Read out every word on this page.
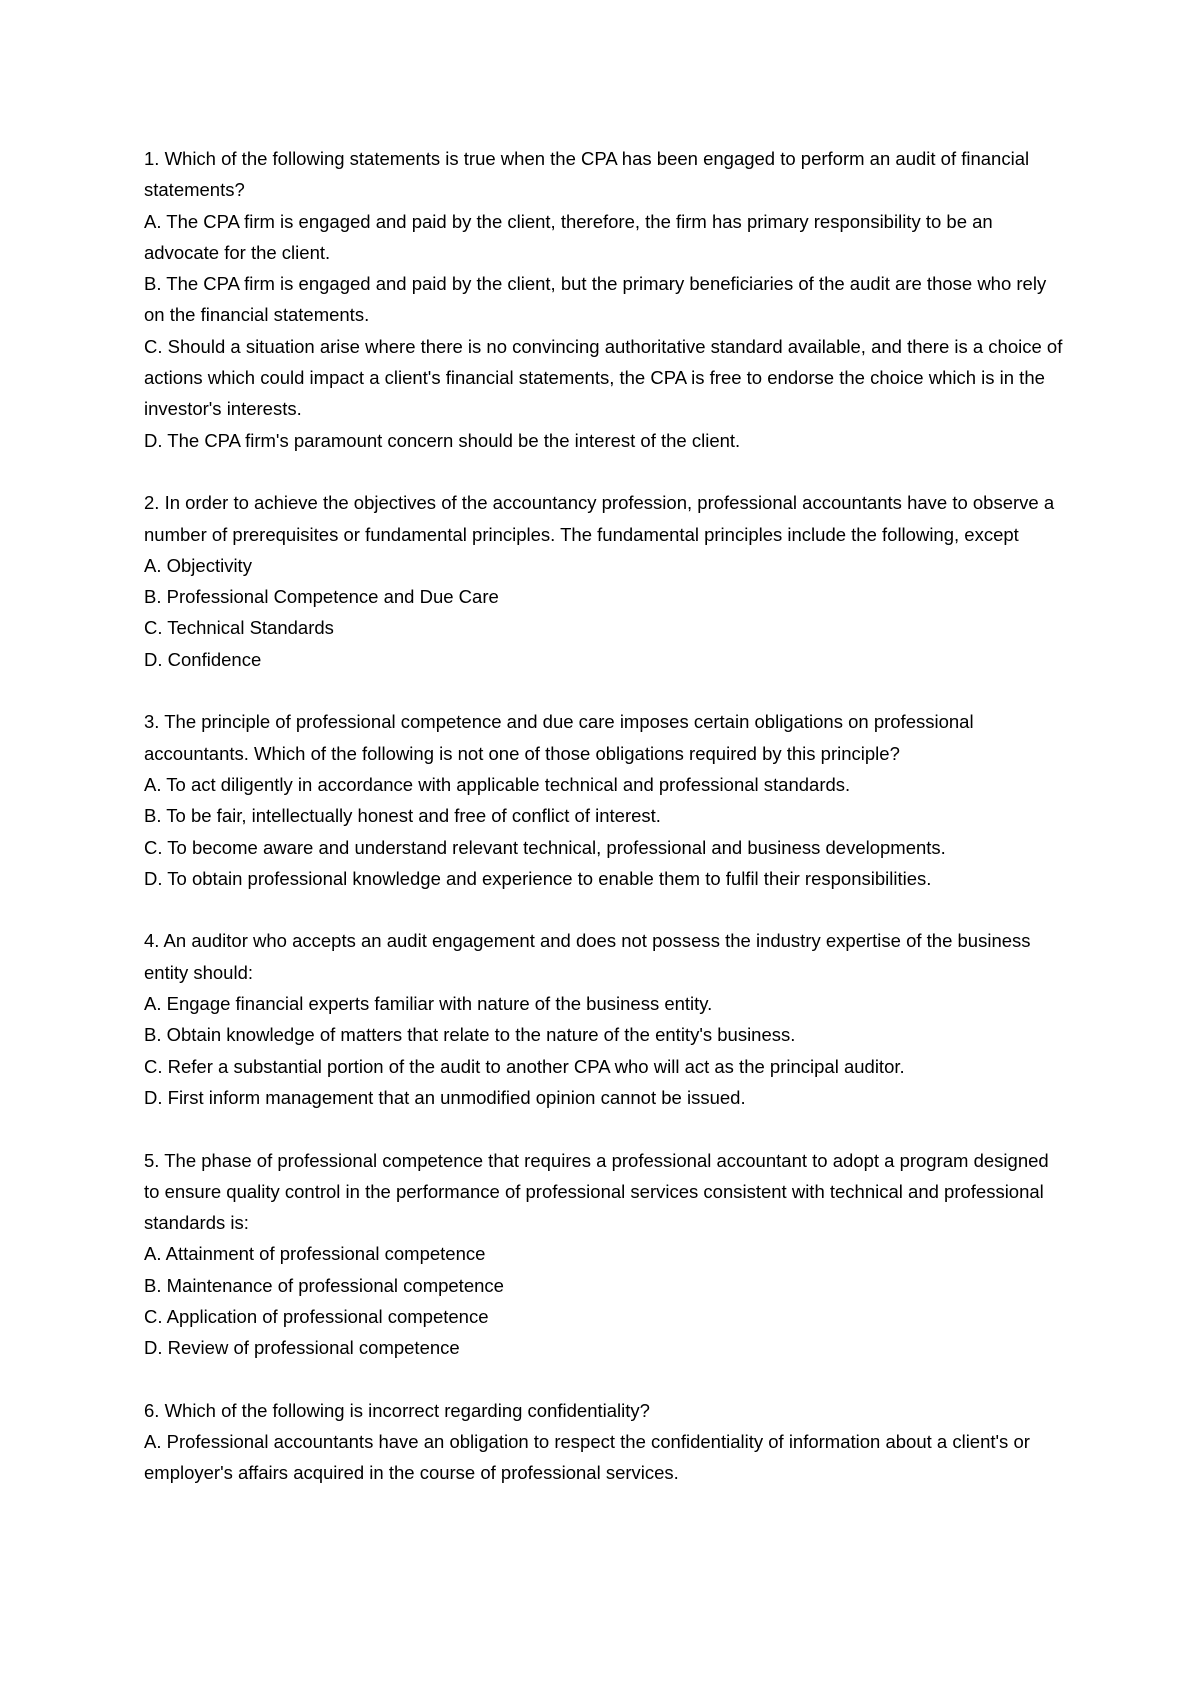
1. Which of the following statements is true when the CPA has been engaged to perform an audit of financial statements?
A. The CPA firm is engaged and paid by the client, therefore, the firm has primary responsibility to be an advocate for the client.
B. The CPA firm is engaged and paid by the client, but the primary beneficiaries of the audit are those who rely on the financial statements.
C. Should a situation arise where there is no convincing authoritative standard available, and there is a choice of actions which could impact a client's financial statements, the CPA is free to endorse the choice which is in the investor's interests.
D. The CPA firm's paramount concern should be the interest of the client.
2. In order to achieve the objectives of the accountancy profession, professional accountants have to observe a number of prerequisites or fundamental principles. The fundamental principles include the following, except
A. Objectivity
B. Professional Competence and Due Care
C. Technical Standards
D. Confidence
3. The principle of professional competence and due care imposes certain obligations on professional accountants. Which of the following is not one of those obligations required by this principle?
A. To act diligently in accordance with applicable technical and professional standards.
B. To be fair, intellectually honest and free of conflict of interest.
C. To become aware and understand relevant technical, professional and business developments.
D. To obtain professional knowledge and experience to enable them to fulfil their responsibilities.
4. An auditor who accepts an audit engagement and does not possess the industry expertise of the business entity should:
A. Engage financial experts familiar with nature of the business entity.
B. Obtain knowledge of matters that relate to the nature of the entity's business.
C. Refer a substantial portion of the audit to another CPA who will act as the principal auditor.
D. First inform management that an unmodified opinion cannot be issued.
5. The phase of professional competence that requires a professional accountant to adopt a program designed to ensure quality control in the performance of professional services consistent with technical and professional standards is:
A. Attainment of professional competence
B. Maintenance of professional competence
C. Application of professional competence
D. Review of professional competence
6. Which of the following is incorrect regarding confidentiality?
A. Professional accountants have an obligation to respect the confidentiality of information about a client's or employer's affairs acquired in the course of professional services.
